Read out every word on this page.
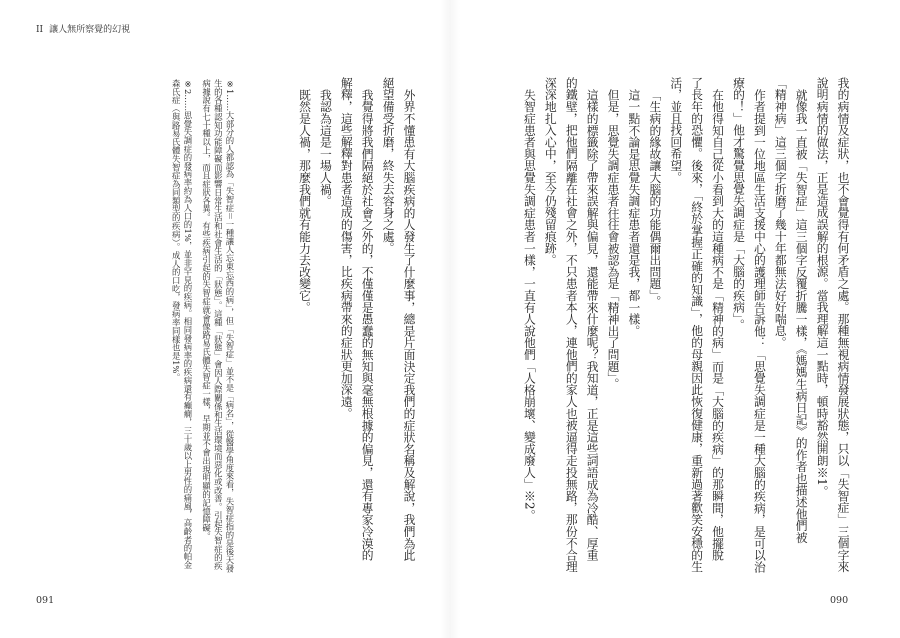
II 讓人無所察覺的幻視
我的病情及症狀，也不會覺得有何矛盾之處。那種無視病情發展狀態，只以「失智症」三個字來
說明病情的做法，正是造成誤解的根源。當我理解這一點時，頓時豁然開朗※1。
就像我一直被「失智症」這三個字反覆折騰一樣，《媽媽生病日記》的作者也描述他們被
「精神病」這三個字折磨了幾十年都無法好好喘息。
作者提到一位地區生活支援中心的護理師告訴他：「思覺失調症是一種大腦的疾病，是可以治
療的！」他才驚覺思覺失調症是「大腦的疾病」。
在他得知自己從小看到大的這種病不是「精神的病」而是「大腦的疾病」的那瞬間，他擺脫
了長年的恐懼。後來，「終於掌握正確的知識」，他的母親因此恢復健康，重新過著歡笑安穩的生
活，並且找回希望。
「生病的緣故讓大腦的功能偶爾出問題」。
這一點不論是思覺失調症患者還是我，都一樣。
但是，思覺失調症患者往往會被認為是「精神出了問題」。
這樣的標籤除了帶來誤解與偏見，還能帶來什麼呢？我知道，正是這些詞語成為冷酷、厚重
的鐵壁，把他們隔離在社會之外，不只患者本人，連他們的家人也被逼得走投無路，那份不合理
深深地扎入心中，至今仍殘留痕跡。
失智症患者與思覺失調症患者一樣，一直有人說他們「人格崩壞、變成廢人」※2。
外界不懂患有大腦疾病的人發生了什麼事，總是片面決定我們的症狀名稱及解說，我們為此
絕望備受折磨，終失去容身之處。
我覺得將我們隔絕於社會之外的，不僅僅是愚蠢的無知與毫無根據的偏見，還有專家冷漠的
解釋，這些解釋對患者造成的傷害，比疾病帶來的症狀更加深遠。
我認為這是一場人禍。
既然是人禍，那麼我們就有能力去改變它。
※1……大部分的人都認為「失智症＝一種讓人忘東忘西的病」，但「失智症」並不是「病名」，從醫學角度來看，失智症指的是後天發
生的各種認知功能障礙而影響日常生活和社會生活的「狀態」。這種「狀態」會因人際關係和生活環境而惡化或改善。引起失智症的疾
病據說有七十種以上，而且症狀各異。有些疾病引起的失智症就會像路易氏體失智症一樣，早期並不會出現明顯的記憶障礙。
※2……思覺失調症的發病率約為人口的1%，並非罕見的疾病。相同發病率的疾病還有癲癇，三十歲以上男性的痛風，高齡者的帕金
森氏症（與路易氏體失智症為同類型的疾病）。成人的口吃，發病率同樣也是1%。
091	090
